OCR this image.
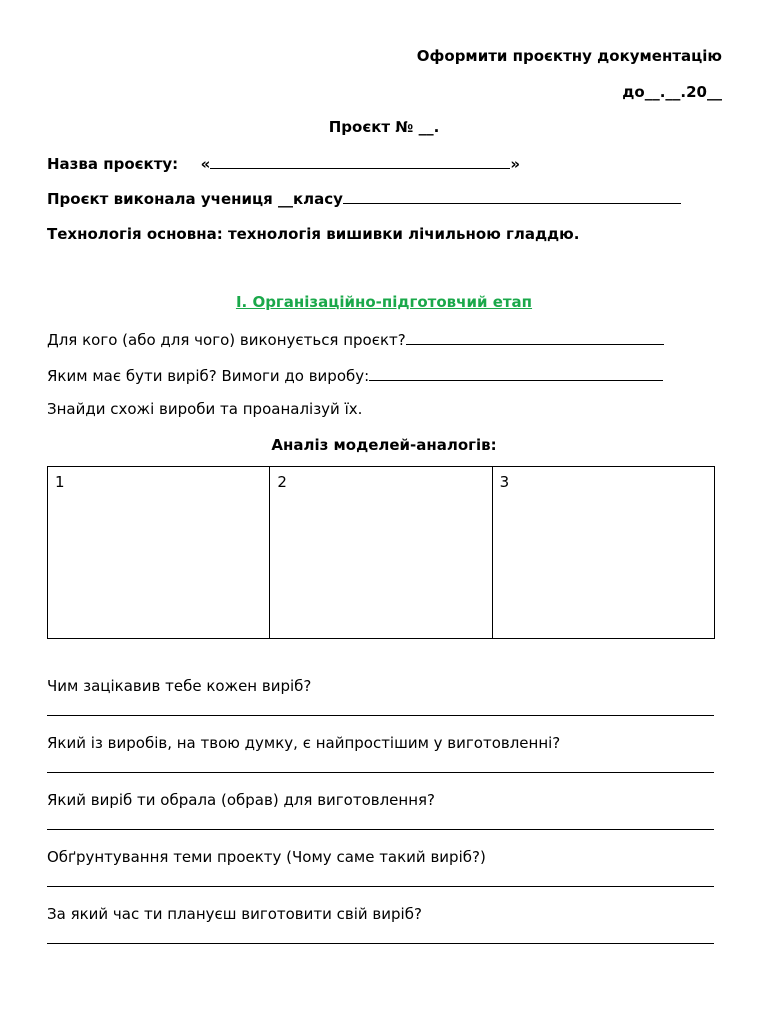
Оформити проєктну документацію
до__.__.20__
Проєкт № __.
Назва проєкту: «	»
Проєкт виконала учениця __класу
Технологія основна: технологія вишивки лічильною гладдю.
І. Організаційно-підготовчий етап
Для кого (або для чого) виконується проєкт?
Яким має бути виріб? Вимоги до виробу:
Знайди схожі вироби та проаналізуй їх.
Аналіз моделей-аналогів:
1	2	3
Чим зацікавив тебе кожен виріб?
Який із виробів, на твою думку, є найпростішим у виготовленні?
Який виріб ти обрала (обрав) для виготовлення?
Обґрунтування теми проекту (Чому саме такий виріб?)
За який час ти плануєш виготовити свій виріб?
